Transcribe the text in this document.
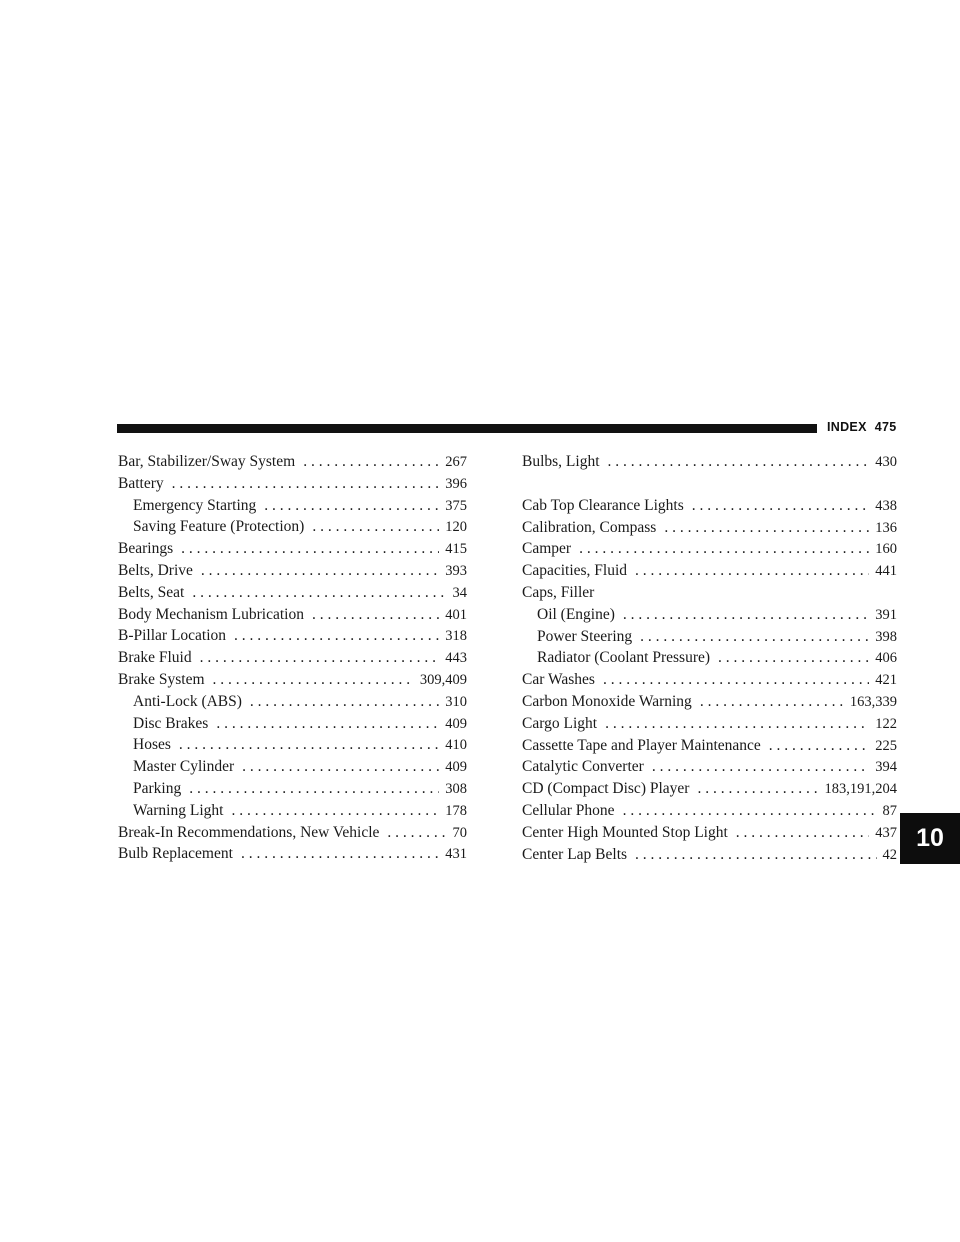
INDEX 475
Bar, Stabilizer/Sway System . . .	267
Battery . . .	396
Emergency Starting . . .	375
Saving Feature (Protection) . . .	120
Bearings . . .	415
Belts, Drive . . .	393
Belts, Seat . . .	34
Body Mechanism Lubrication . . .	401
B-Pillar Location . . .	318
Brake Fluid . . .	443
Brake System . . .	309,409
Anti-Lock (ABS) . . .	310
Disc Brakes . . .	409
Hoses . . .	410
Master Cylinder . . .	409
Parking . . .	308
Warning Light . . .	178
Break-In Recommendations, New Vehicle . . .	70
Bulb Replacement . . .	431
Bulbs, Light . . .	430
Cab Top Clearance Lights . . .	438
Calibration, Compass . . .	136
Camper . . .	160
Capacities, Fluid . . .	441
Caps, Filler
Oil (Engine) . . .	391
Power Steering . . .	398
Radiator (Coolant Pressure) . . .	406
Car Washes . . .	421
Carbon Monoxide Warning . . .	163,339
Cargo Light . . .	122
Cassette Tape and Player Maintenance . . .	225
Catalytic Converter . . .	394
CD (Compact Disc) Player . . .	183,191,204
Cellular Phone . . .	87
Center High Mounted Stop Light . . .	437
Center Lap Belts . . .	42
10
